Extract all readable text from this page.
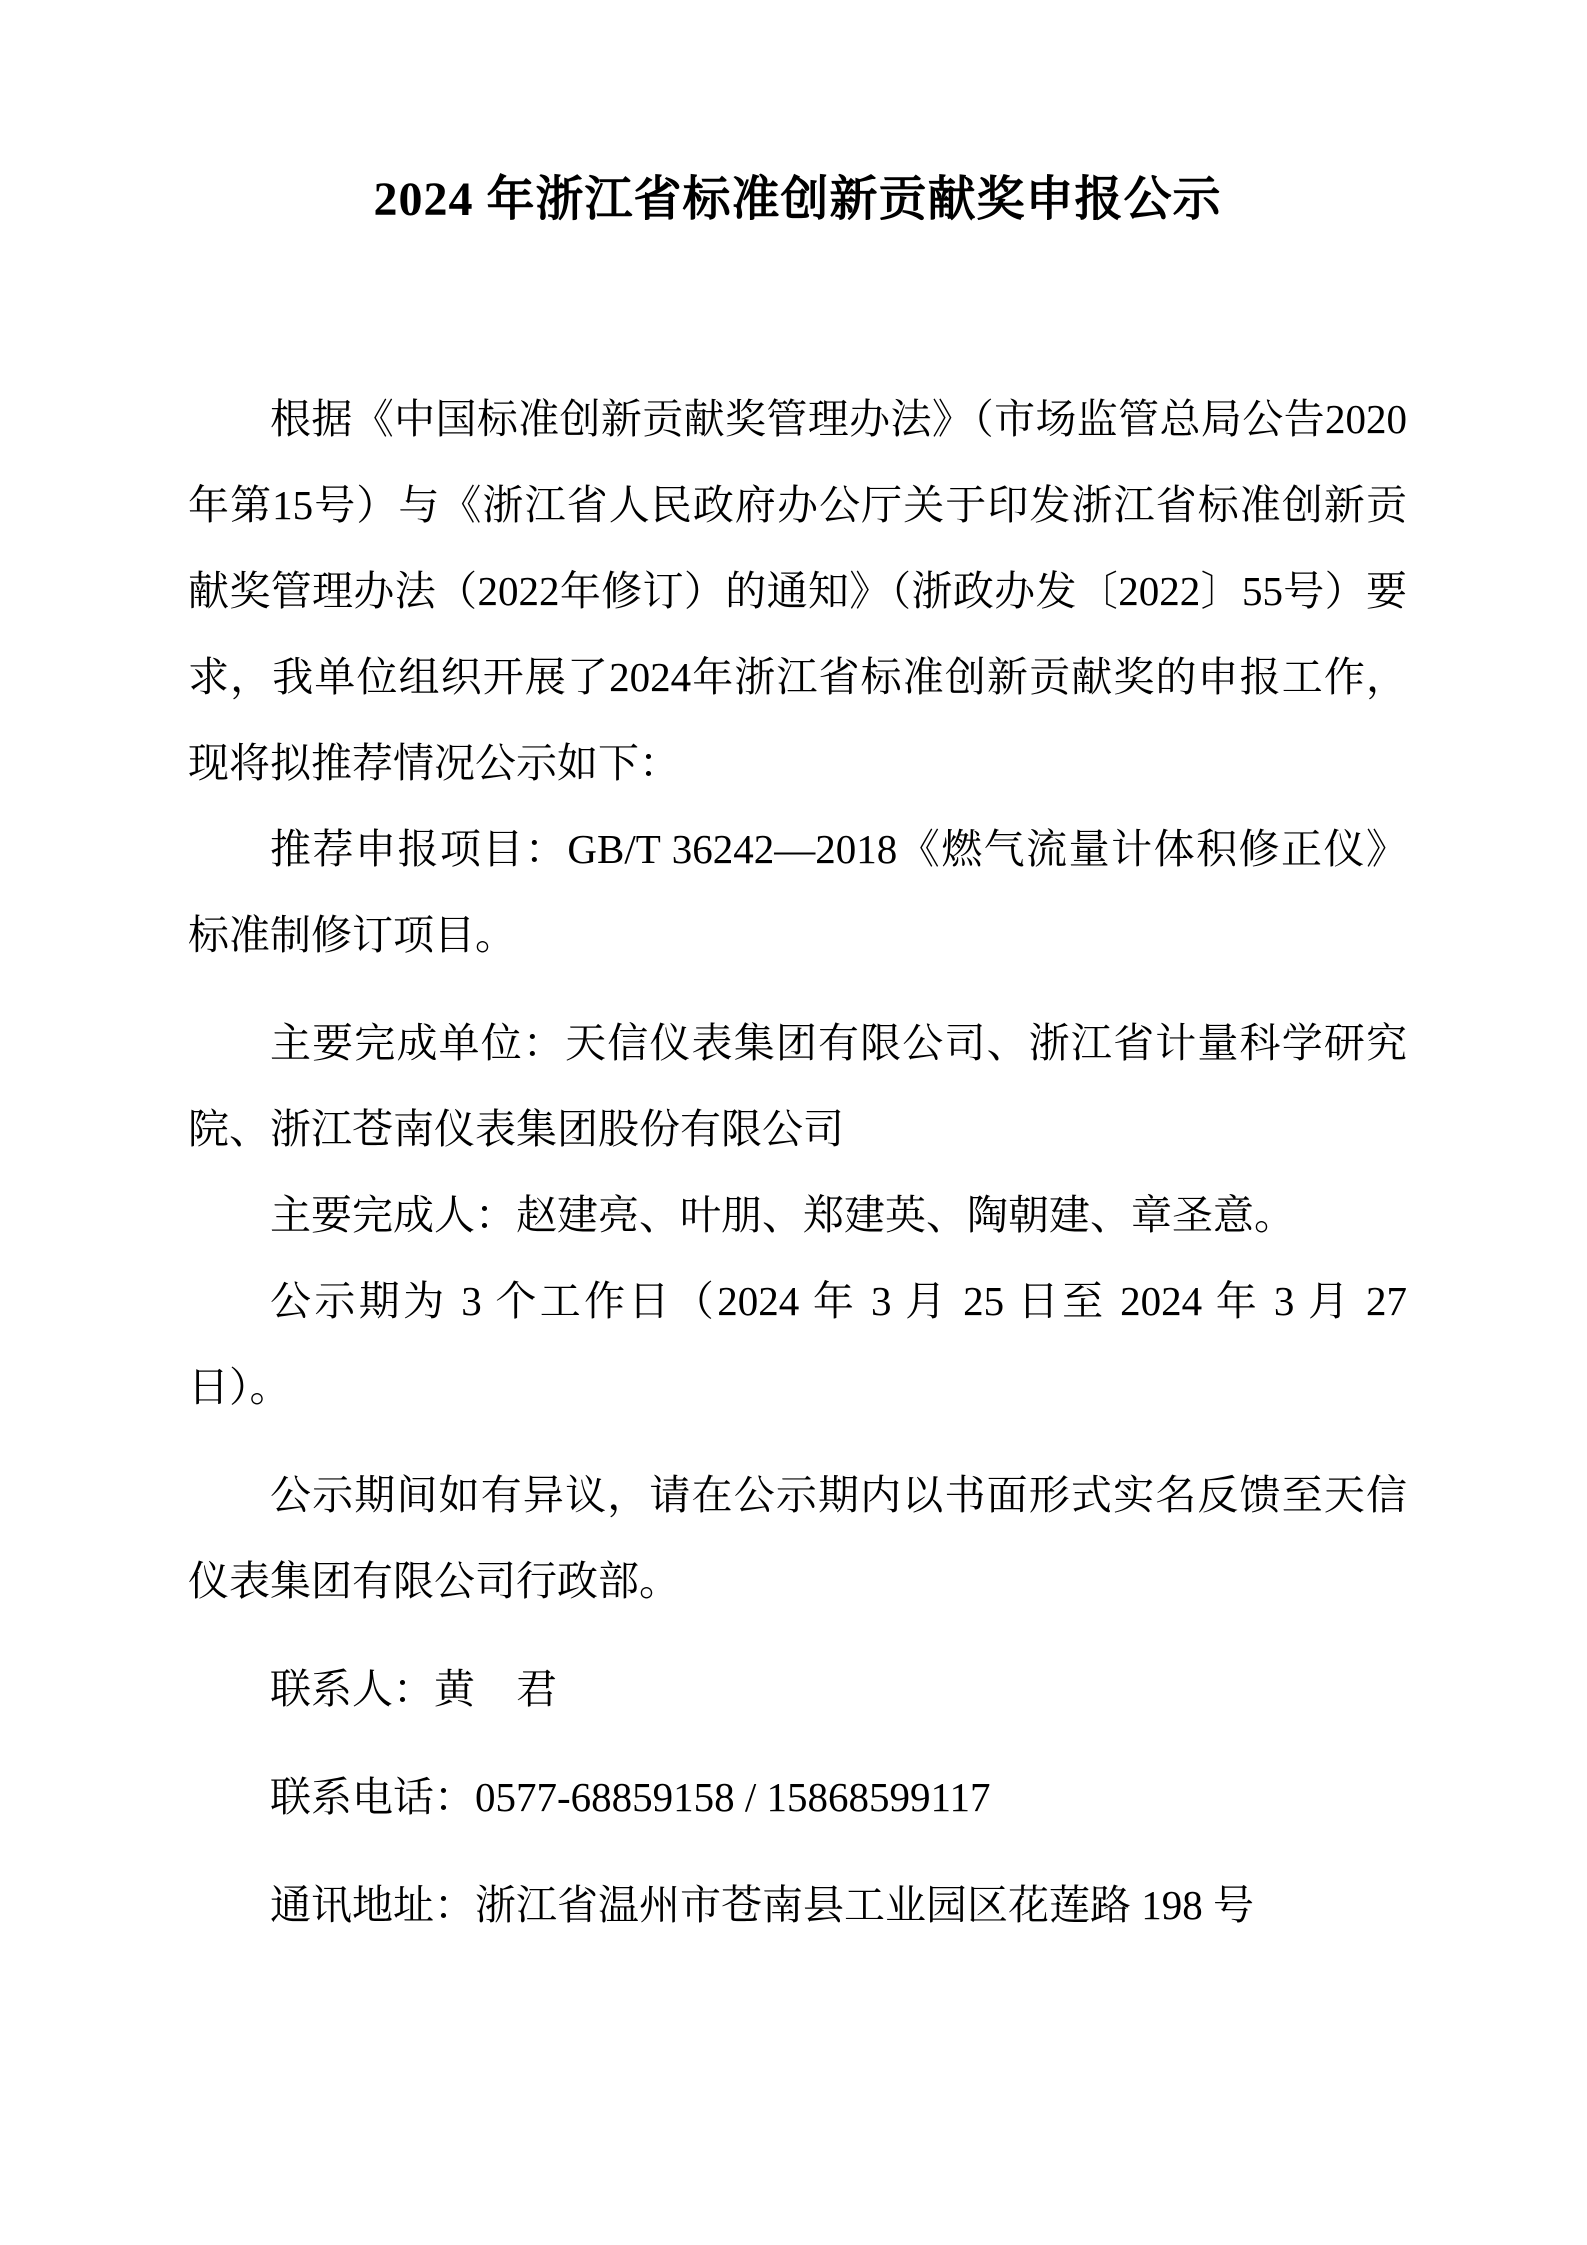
2024 年浙江省标准创新贡献奖申报公示

根据《中国标准创新贡献奖管理办法》（市场监管总局公告2020年第15号）与《浙江省人民政府办公厅关于印发浙江省标准创新贡献奖管理办法（2022年修订）的通知》（浙政办发〔2022〕55号）要求，我单位组织开展了2024年浙江省标准创新贡献奖的申报工作，现将拟推荐情况公示如下：

推荐申报项目：GB/T 36242—2018《燃气流量计体积修正仪》标准制修订项目。

主要完成单位：天信仪表集团有限公司、浙江省计量科学研究院、浙江苍南仪表集团股份有限公司

主要完成人：赵建亮、叶朋、郑建英、陶朝建、章圣意。

公示期为 3 个工作日（2024 年 3 月 25 日至 2024 年 3 月 27 日）。

公示期间如有异议，请在公示期内以书面形式实名反馈至天信仪表集团有限公司行政部。

联系人：黄　君

联系电话：0577-68859158 / 15868599117

通讯地址：浙江省温州市苍南县工业园区花莲路 198 号
